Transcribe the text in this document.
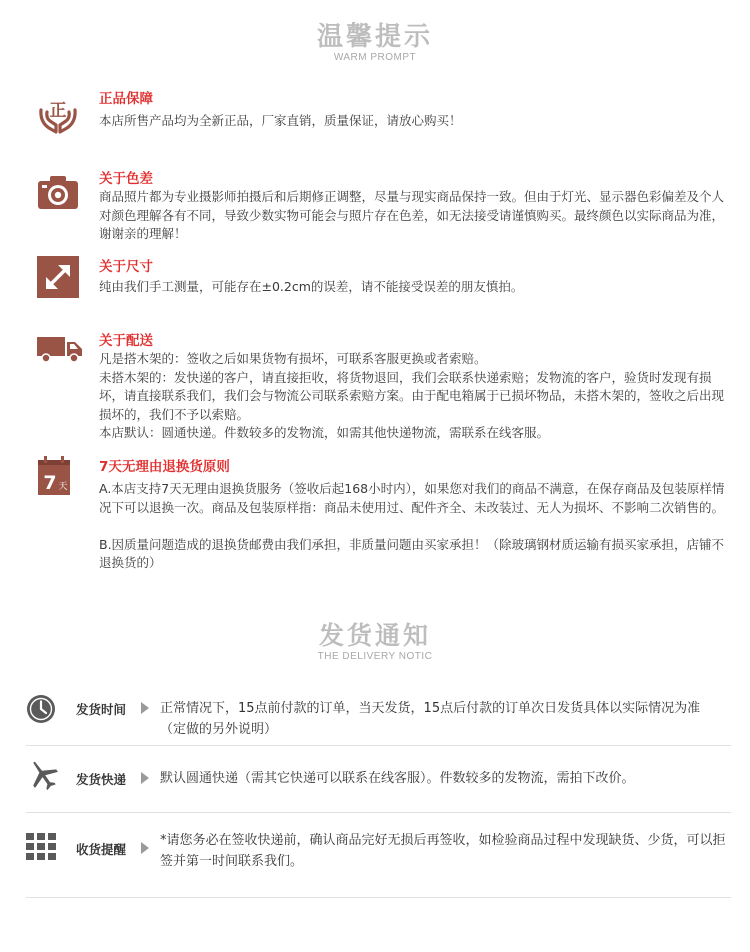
温馨提示
WARM PROMPT
正
正品保障

本店所售产品均为全新正品，厂家直销，质量保证，请放心购买！

关于色差

商品照片都为专业摄影师拍摄后和后期修正调整，尽量与现实商品保持一致。但由于灯光、显示器色彩偏差及个人对颜色理解各有不同，导致少数实物可能会与照片存在色差，如无法接受请谨慎购买。最终颜色以实际商品为准，谢谢亲的理解！

关于尺寸

纯由我们手工测量，可能存在±0.2cm的误差，请不能接受误差的朋友慎拍。

关于配送

凡是搭木架的：签收之后如果货物有损坏，可联系客服更换或者索赔。
未搭木架的：发快递的客户，请直接拒收，将货物退回，我们会联系快递索赔；发物流的客户，验货时发现有损坏，请直接联系我们，我们会与物流公司联系索赔方案。由于配电箱属于已损坏物品，未搭木架的，签收之后出现损坏的，我们不予以索赔。
本店默认：圆通快递。件数较多的发物流，如需其他快递物流，需联系在线客服。

7 天
7天无理由退换货原则

A.本店支持7天无理由退换货服务（签收后起168小时内），如果您对我们的商品不满意，在保存商品及包装原样情况下可以退换一次。商品及包装原样指：商品未使用过、配件齐全、未改装过、无人为损坏、不影响二次销售的。

B.因质量问题造成的退换货邮费由我们承担，非质量问题由买家承担！（除玻璃钢材质运输有损买家承担，店铺不退换货的）

发货通知
THE DELIVERY NOTIC
发货时间	正常情况下，15点前付款的订单，当天发货，15点后付款的订单次日发货具体以实际情况为准（定做的另外说明）

发货快递	默认圆通快递（需其它快递可以联系在线客服）。件数较多的发物流，需拍下改价。

收货提醒

*请您务必在签收快递前，确认商品完好无损后再签收，如检验商品过程中发现缺货、少货，可以拒签并第一时间联系我们。
